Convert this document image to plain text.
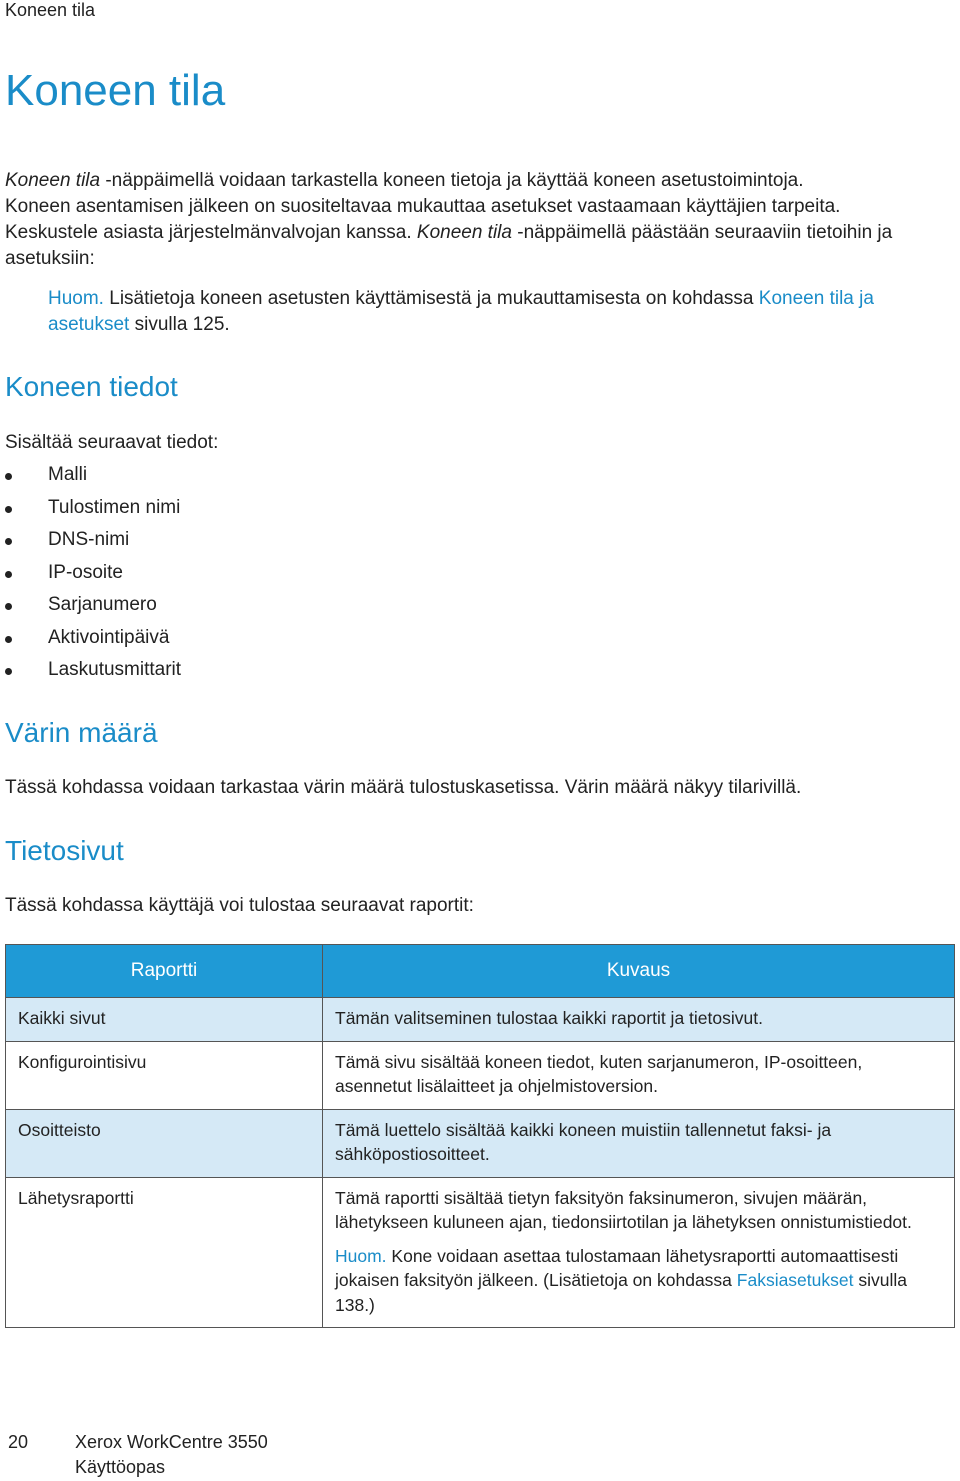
Koneen tila
Koneen tila

Koneen tila -näppäimellä voidaan tarkastella koneen tietoja ja käyttää koneen asetustoimintoja.
Koneen asentamisen jälkeen on suositeltavaa mukauttaa asetukset vastaamaan käyttäjien tarpeita.
Keskustele asiasta järjestelmänvalvojan kanssa. Koneen tila -näppäimellä päästään seuraaviin tietoihin ja asetuksiin:

Huom. Lisätietoja koneen asetusten käyttämisestä ja mukauttamisesta on kohdassa Koneen tila ja asetukset sivulla 125.

Koneen tiedot

Sisältää seuraavat tiedot:

Malli
Tulostimen nimi
DNS-nimi
IP-osoite
Sarjanumero
Aktivointipäivä
Laskutusmittarit
Värin määrä

Tässä kohdassa voidaan tarkastaa värin määrä tulostuskasetissa. Värin määrä näkyy tilarivillä.

Tietosivut

Tässä kohdassa käyttäjä voi tulostaa seuraavat raportit:

Raportti	Kuvaus
Kaikki sivut	Tämän valitseminen tulostaa kaikki raportit ja tietosivut.
Konfigurointisivu	Tämä sivu sisältää koneen tiedot, kuten sarjanumeron, IP-osoitteen, asennetut lisälaitteet ja ohjelmistoversion.
Osoitteisto	Tämä luettelo sisältää kaikki koneen muistiin tallennetut faksi- ja sähköpostiosoitteet.
Lähetysraportti	Tämä raportti sisältää tietyn faksityön faksinumeron, sivujen määrän, lähetykseen kuluneen ajan, tiedonsiirtotilan ja lähetyksen onnistumistiedot.
Huom. Kone voidaan asettaa tulostamaan lähetysraportti automaattisesti jokaisen faksityön jälkeen. (Lisätietoja on kohdassa Faksiasetukset sivulla 138.)
20	Xerox WorkCentre 3550
Käyttöopas
